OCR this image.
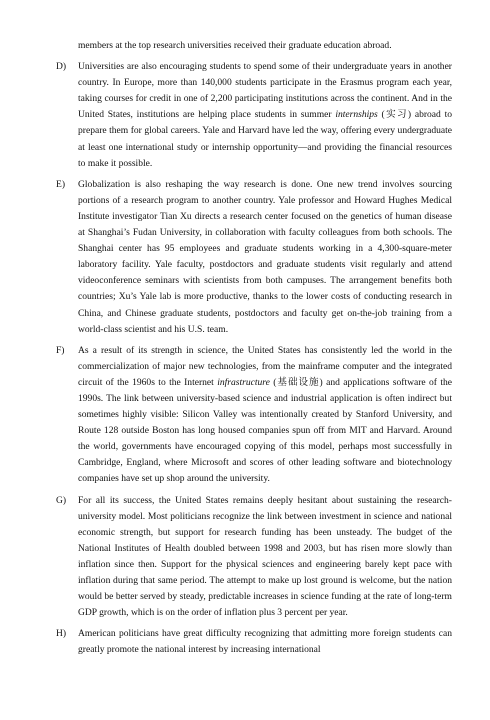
members at the top research universities received their graduate education abroad.

D)	Universities are also encouraging students to spend some of their undergraduate years in another country. In Europe, more than 140,000 students participate in the Erasmus program each year, taking courses for credit in one of 2,200 participating institutions across the continent. And in the United States, institutions are helping place students in summer internships (实习) abroad to prepare them for global careers. Yale and Harvard have led the way, offering every undergraduate at least one international study or internship opportunity—and providing the financial resources to make it possible.
E)	Globalization is also reshaping the way research is done. One new trend involves sourcing portions of a research program to another country. Yale professor and Howard Hughes Medical Institute investigator Tian Xu directs a research center focused on the genetics of human disease at Shanghai’s Fudan University, in collaboration with faculty colleagues from both schools. The Shanghai center has 95 employees and graduate students working in a 4,300-square-meter laboratory facility. Yale faculty, postdoctors and graduate students visit regularly and attend videoconference seminars with scientists from both campuses. The arrangement benefits both countries; Xu’s Yale lab is more productive, thanks to the lower costs of conducting research in China, and Chinese graduate students, postdoctors and faculty get on-the-job training from a world-class scientist and his U.S. team.
F)	As a result of its strength in science, the United States has consistently led the world in the commercialization of major new technologies, from the mainframe computer and the integrated circuit of the 1960s to the Internet infrastructure (基础设施) and applications software of the 1990s. The link between university-based science and industrial application is often indirect but sometimes highly visible: Silicon Valley was intentionally created by Stanford University, and Route 128 outside Boston has long housed companies spun off from MIT and Harvard. Around the world, governments have encouraged copying of this model, perhaps most successfully in Cambridge, England, where Microsoft and scores of other leading software and biotechnology companies have set up shop around the university.
G)	For all its success, the United States remains deeply hesitant about sustaining the research-university model. Most politicians recognize the link between investment in science and national economic strength, but support for research funding has been unsteady. The budget of the National Institutes of Health doubled between 1998 and 2003, but has risen more slowly than inflation since then. Support for the physical sciences and engineering barely kept pace with inflation during that same period. The attempt to make up lost ground is welcome, but the nation would be better served by steady, predictable increases in science funding at the rate of long-term GDP growth, which is on the order of inflation plus 3 percent per year.
H)	American politicians have great difficulty recognizing that admitting more foreign students can greatly promote the national interest by increasing international
